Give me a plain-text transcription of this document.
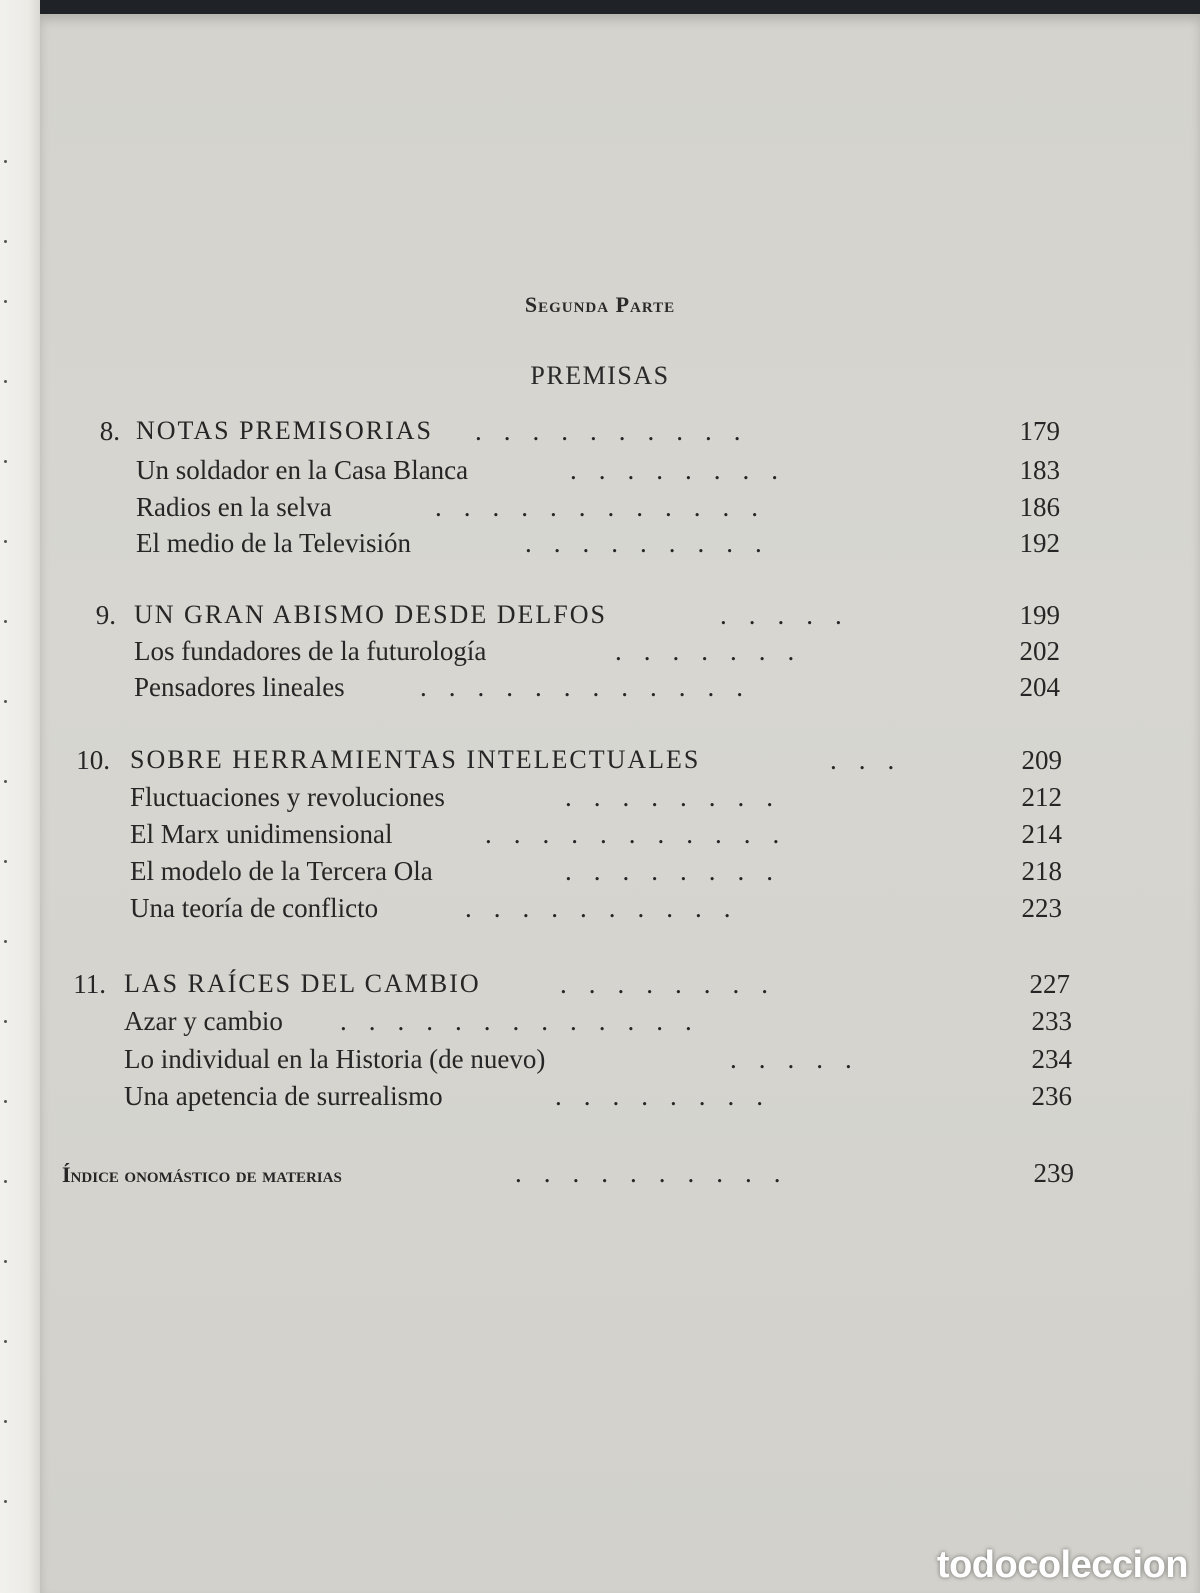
Segunda Parte
PREMISAS

8. NOTAS PREMISORIAS ..........	179
Un soldador en la Casa Blanca	........	183
Radios en la selva	............	186
El medio de la Televisión	.........	192
9. UN GRAN ABISMO DESDE DELFOS	.....	199
Los fundadores de la futurología	.......	202
Pensadores lineales	............	204
10. SOBRE HERRAMIENTAS INTELECTUALES	...	209
Fluctuaciones y revoluciones	........	212
El Marx unidimensional	...........	214
El modelo de la Tercera Ola	........	218
Una teoría de conflicto	..........	223
11. LAS RAÍCES DEL CAMBIO	........	227
Azar y cambio .............	233
Lo individual en la Historia (de nuevo)	.....	234
Una apetencia de surrealismo	........	236
Índice onomástico de materias	..........	239
todocoleccion
